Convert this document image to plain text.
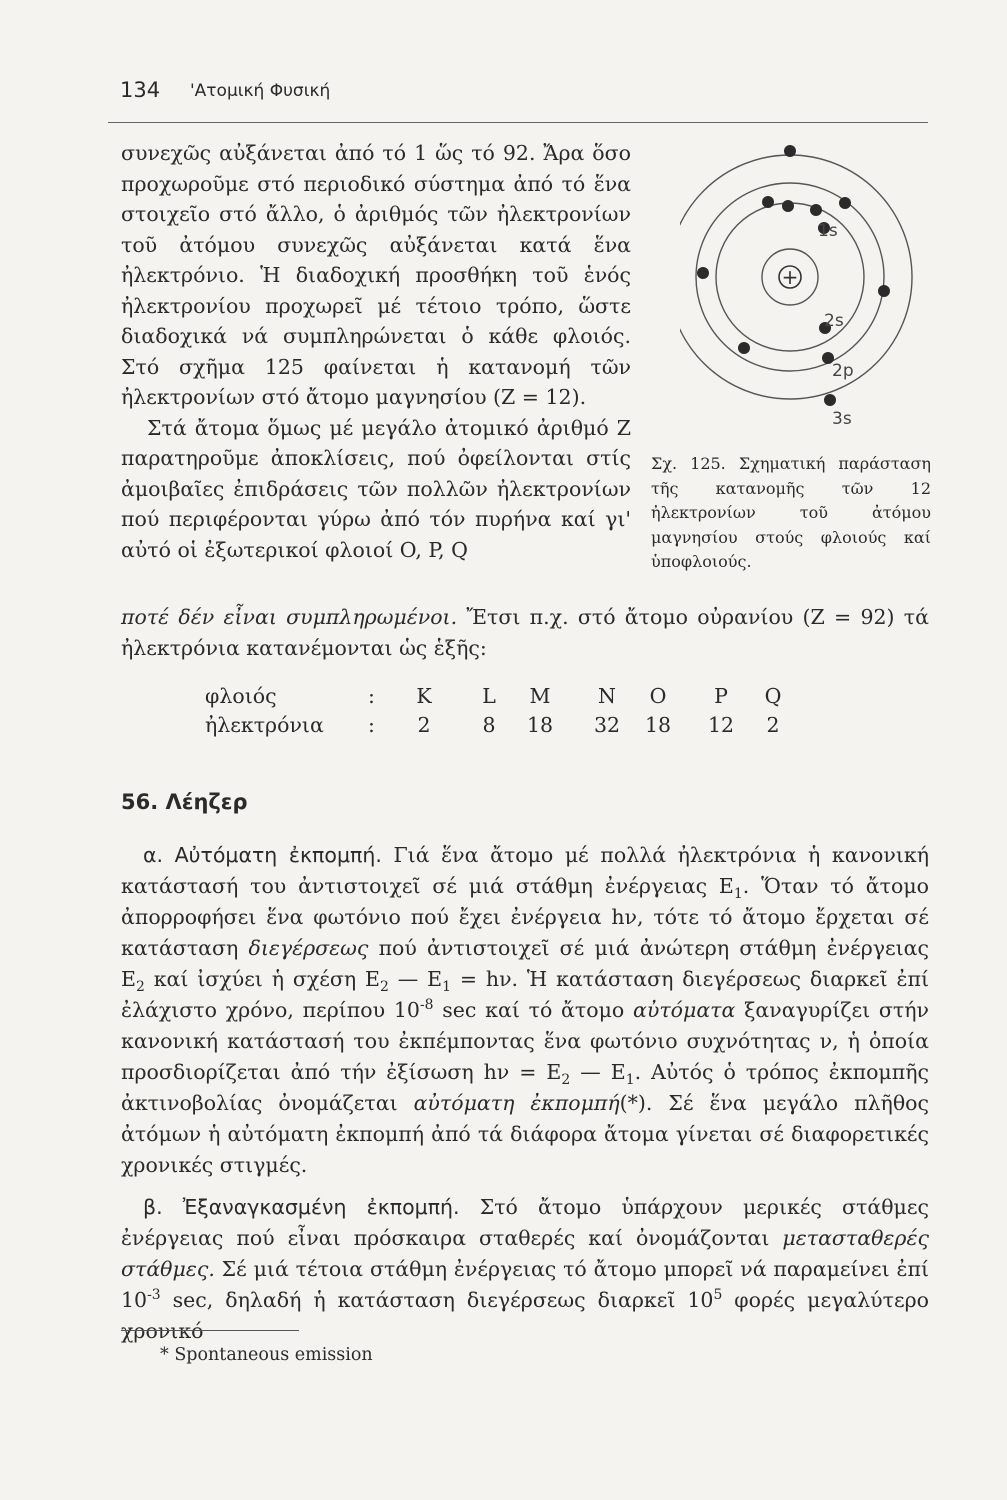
134 'Ατομική Φυσική

συνεχῶς αὐξάνεται ἀπό τό 1 ὥς τό 92. Ἄρα ὅσο προχωροῦμε στό περιοδικό σύστημα ἀπό τό ἕνα στοιχεῖο στό ἄλλο, ὁ ἀριθμός τῶν ἠλεκτρονίων τοῦ ἀτόμου συνεχῶς αὐξάνεται κατά ἕνα ἠλεκτρόνιο. Ἡ διαδοχική προσθήκη τοῦ ἑνός ἠλεκτρονίου προχωρεῖ μέ τέτοιο τρόπο, ὥστε διαδοχικά νά συμπληρώνεται ὁ κάθε φλοιός. Στό σχῆμα 125 φαίνεται ἡ κατανομή τῶν ἠλεκτρονίων στό ἄτομο μαγνησίου (Z = 12).

Στά ἄτομα ὅμως μέ μεγάλο ἀτομικό ἀριθμό Z παρατηροῦμε ἀποκλίσεις, πού ὀφείλονται στίς ἀμοιβαῖες ἐπιδράσεις τῶν πολλῶν ἠλεκτρονίων πού περιφέρονται γύρω ἀπό τόν πυρήνα καί γι' αὐτό οἱ ἐξωτερικοί φλοιοί O, P, Q

ποτέ δέν εἶναι συμπληρωμένοι. Ἔτσι π.χ. στό ἄτομο οὐρανίου (Z = 92) τά ἠλεκτρόνια κατανέμονται ὡς ἑξῆς:

+
1s
2s
2p
3s
Σχ. 125. Σχηματική παράσταση τῆς κατανομῆς τῶν 12 ἠλεκτρονίων τοῦ ἀτόμου μαγνησίου στούς φλοιούς καί ὑποφλοιούς.
φλοιός	:	K	L	M	N	O	P	Q
ἠλεκτρόνια	:	2	8	18	32	18	12	2
56. Λέηζερ

α. Αὐτόματη ἐκπομπή. Γιά ἕνα ἄτομο μέ πολλά ἠλεκτρόνια ἡ κανονική κατάστασή του ἀντιστοιχεῖ σέ μιά στάθμη ἐνέργειας $E_1$. Ὅταν τό ἄτομο ἀπορροφήσει ἕνα φωτόνιο πού ἔχει ἐνέργεια hν, τότε τό ἄτομο ἔρχεται σέ κατάσταση διεγέρσεως πού ἀντιστοιχεῖ σέ μιά ἀνώτερη στάθμη ἐνέργειας $E_2$ καί ἰσχύει ἡ σχέση $E_2$ — $E_1 = h\nu$. Ἡ κατάσταση διεγέρσεως διαρκεῖ ἐπί ἐλάχιστο χρόνο, περίπου $10^{-8}$ sec καί τό ἄτομο αὐτόματα ξαναγυρίζει στήν κανονική κατάστασή του ἐκπέμποντας ἕνα φωτόνιο συχνότητας ν, ἡ ὁποία προσδιορίζεται ἀπό τήν ἐξίσωση $h\nu = E_2$ — $E_1$. Αὐτός ὁ τρόπος ἐκπομπῆς ἀκτινοβολίας ὀνομάζεται αὐτόματη ἐκπομπή(*). Σέ ἕνα μεγάλο πλῆθος ἀτόμων ἡ αὐτόματη ἐκπομπή ἀπό τά διάφορα ἄτομα γίνεται σέ διαφορετικές χρονικές στιγμές.

β. Ἐξαναγκασμένη ἐκπομπή. Στό ἄτομο ὑπάρχουν μερικές στάθμες ἐνέργειας πού εἶναι πρόσκαιρα σταθερές καί ὀνομάζονται μετασταθερές στάθμες. Σέ μιά τέτοια στάθμη ἐνέργειας τό ἄτομο μπορεῖ νά παραμείνει ἐπί $10^{-3}$ sec, δηλαδή ἡ κατάσταση διεγέρσεως διαρκεῖ $10^5$ φορές μεγαλύτερο χρονικό

* Spontaneous emission
